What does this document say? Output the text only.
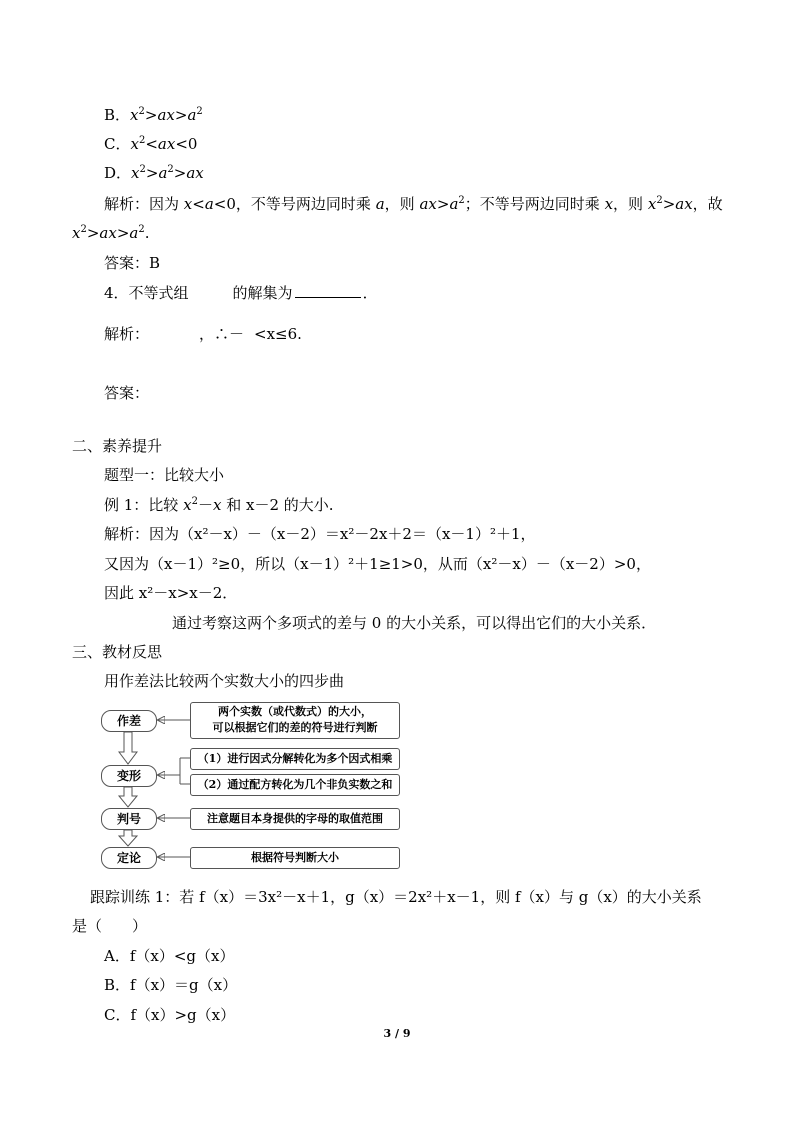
B．$x^2>ax>a^2$
C．$x^2<ax<0$
D．$x^2>a^2>ax$
解析：因为 x<a<0，不等号两边同时乘 a，则 $ax>a^2$；不等号两边同时乘 x，则 $x^2>ax$，故
$x^2>ax>a^2$.
答案：B
4．不等式组	的解集为	．
解析：	，∴－ <x≤6.
答案：
二、素养提升
题型一：比较大小
例 1：比较 $x^2-x$ 和 x－2 的大小.
解析：因为（x²－x）－（x－2）＝x²－2x＋2＝（x－1）²＋1，
又因为（x－1）²≥0，所以（x－1）²＋1≥1>0，从而（x²－x）－（x－2）>0，
因此 x²－x>x－2．
通过考察这两个多项式的差与 0 的大小关系，可以得出它们的大小关系．
三、教材反思
用作差法比较两个实数大小的四步曲
作差
变形
判号
定论
两个实数（或代数式）的大小，
可以根据它们的差的符号进行判断
（1）进行因式分解转化为多个因式相乘
（2）通过配方转化为几个非负实数之和
注意题目本身提供的字母的取值范围
根据符号判断大小
跟踪训练 1：若 f（x）＝3x²－x＋1，g（x）＝2x²＋x－1，则 f（x）与 g（x）的大小关系
是（　　）
A．f（x）<g（x）
B．f（x）＝g（x）
C．f（x）>g（x）
3 / 9
